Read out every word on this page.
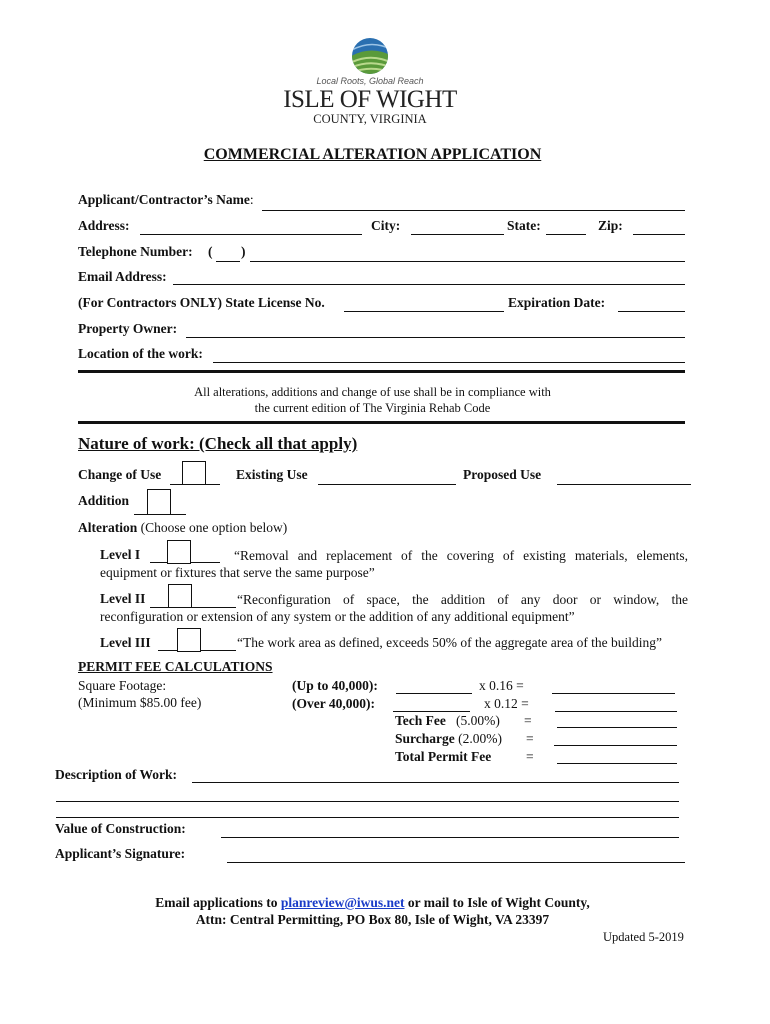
Local Roots, Global Reach
ISLE OF WIGHT
COUNTY, VIRGINIA
COMMERCIAL ALTERATION APPLICATION
Applicant/Contractor’s Name:
Address:	City:	State:	Zip:
Telephone Number: ( )
Email Address:
(For Contractors ONLY) State License No.	Expiration Date:
Property Owner:
Location of the work:
All alterations, additions and change of use shall be in compliance with
the current edition of The Virginia Rehab Code
Nature of work: (Check all that apply)
Change of Use	Existing Use	Proposed Use
Addition
Alteration (Choose one option below)
Level I	“Removal and replacement of the covering of existing materials, elements,
equipment or fixtures that serve the same purpose”
Level II	“Reconfiguration of space, the addition of any door or window, the
reconfiguration or extension of any system or the addition of any additional equipment”
Level III	“The work area as defined, exceeds 50% of the aggregate area of the building”
PERMIT FEE CALCULATIONS
Square Footage:
(Minimum $85.00 fee)
(Up to 40,000):	x 0.16 =
(Over 40,000):	x 0.12 =
Tech Fee (5.00%) =
Surcharge (2.00%) =
Total Permit Fee	=
Description of Work:
Value of Construction:
Applicant’s Signature:
Email applications to planreview@iwus.net or mail to Isle of Wight County,
Attn: Central Permitting, PO Box 80, Isle of Wight, VA 23397
Updated 5-2019
